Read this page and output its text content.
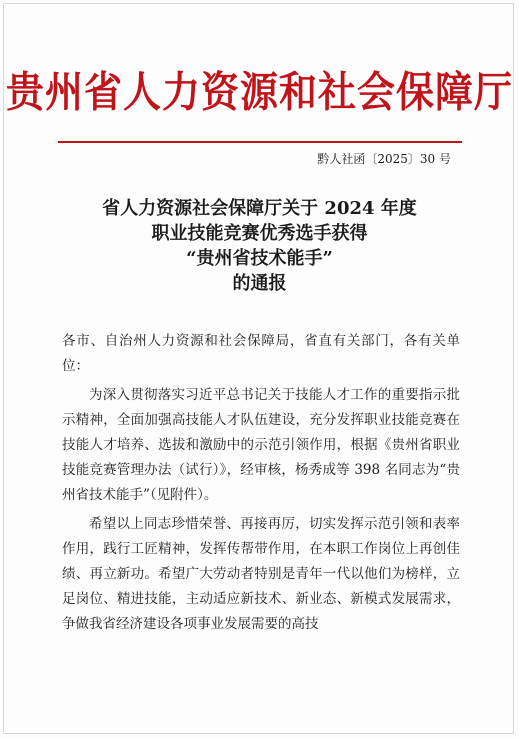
贵州省人力资源和社会保障厅
黔人社函〔2025〕30 号
省人力资源社会保障厅关于 2024 年度
职业技能竞赛优秀选手获得
“贵州省技术能手”
的通报

各市、自治州人力资源和社会保障局，省直有关部门，各有关单位：

为深入贯彻落实习近平总书记关于技能人才工作的重要指示批示精神，全面加强高技能人才队伍建设，充分发挥职业技能竞赛在技能人才培养、选拔和激励中的示范引领作用，根据《贵州省职业技能竞赛管理办法（试行）》，经审核，杨秀成等 398 名同志为“贵州省技术能手”（见附件）。

希望以上同志珍惜荣誉、再接再厉，切实发挥示范引领和表率作用，践行工匠精神，发挥传帮带作用，在本职工作岗位上再创佳绩、再立新功。希望广大劳动者特别是青年一代以他们为榜样，立足岗位、精进技能，主动适应新技术、新业态、新模式发展需求，争做我省经济建设各项事业发展需要的高技
